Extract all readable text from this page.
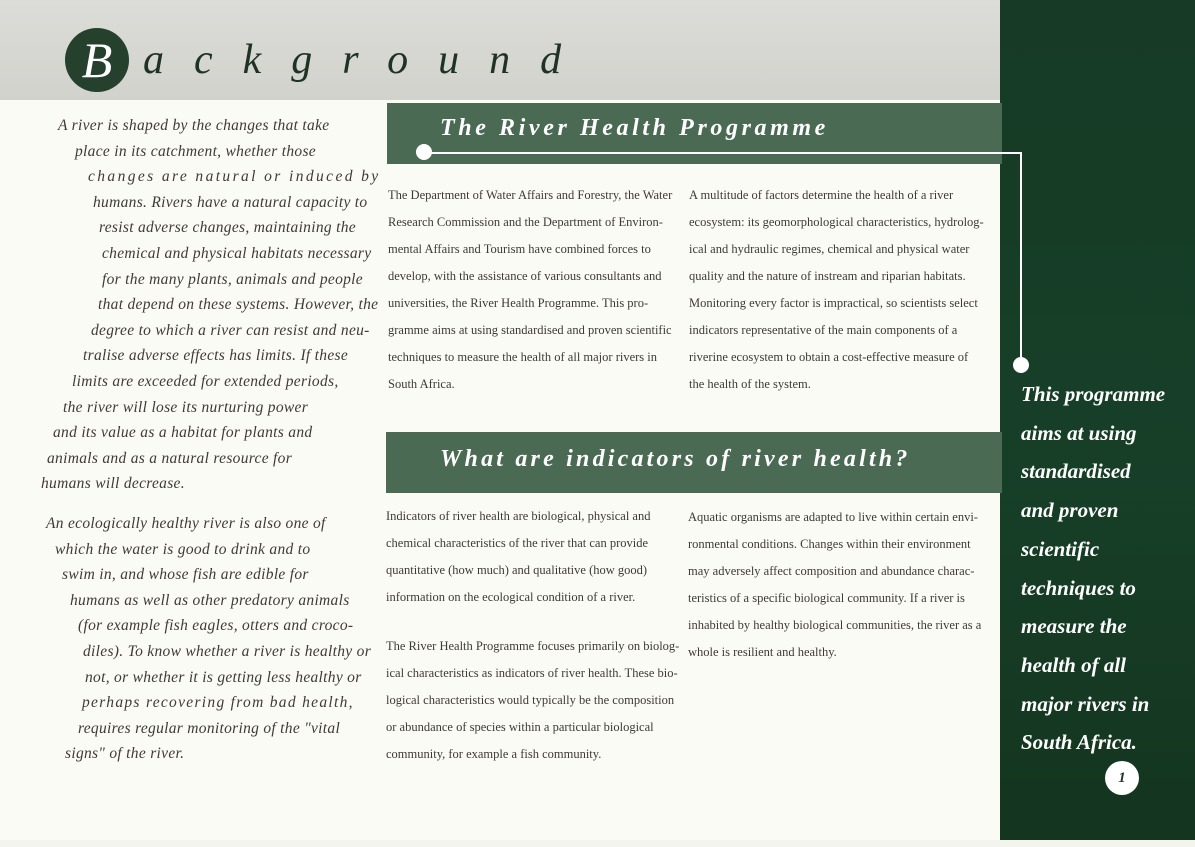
B ackground
A river is shaped by the changes that take
place in its catchment, whether those
changes are natural or induced by
humans. Rivers have a natural capacity to
resist adverse changes, maintaining the
chemical and physical habitats necessary
for the many plants, animals and people
that depend on these systems. However, the
degree to which a river can resist and neu-
tralise adverse effects has limits. If these
limits are exceeded for extended periods,
the river will lose its nurturing power
and its value as a habitat for plants and
animals and as a natural resource for
humans will decrease.
An ecologically healthy river is also one of
which the water is good to drink and to
swim in, and whose fish are edible for
humans as well as other predatory animals
(for example fish eagles, otters and croco-
diles). To know whether a river is healthy or
not, or whether it is getting less healthy or
perhaps recovering from bad health,
requires regular monitoring of the "vital
signs" of the river.
The River Health Programme
The Department of Water Affairs and Forestry, the Water
Research Commission and the Department of Environ-
mental Affairs and Tourism have combined forces to
develop, with the assistance of various consultants and
universities, the River Health Programme. This pro-
gramme aims at using standardised and proven scientific
techniques to measure the health of all major rivers in
South Africa.
A multitude of factors determine the health of a river
ecosystem: its geomorphological characteristics, hydrolog-
ical and hydraulic regimes, chemical and physical water
quality and the nature of instream and riparian habitats.
Monitoring every factor is impractical, so scientists select
indicators representative of the main components of a
riverine ecosystem to obtain a cost-effective measure of
the health of the system.
What are indicators of river health?
Indicators of river health are biological, physical and
chemical characteristics of the river that can provide
quantitative (how much) and qualitative (how good)
information on the ecological condition of a river.
The River Health Programme focuses primarily on biolog-
ical characteristics as indicators of river health. These bio-
logical characteristics would typically be the composition
or abundance of species within a particular biological
community, for example a fish community.
Aquatic organisms are adapted to live within certain envi-
ronmental conditions. Changes within their environment
may adversely affect composition and abundance charac-
teristics of a specific biological community. If a river is
inhabited by healthy biological communities, the river as a
whole is resilient and healthy.
This programme
aims at using
standardised
and proven
scientific
techniques to
measure the
health of all
major rivers in
South Africa.
1
